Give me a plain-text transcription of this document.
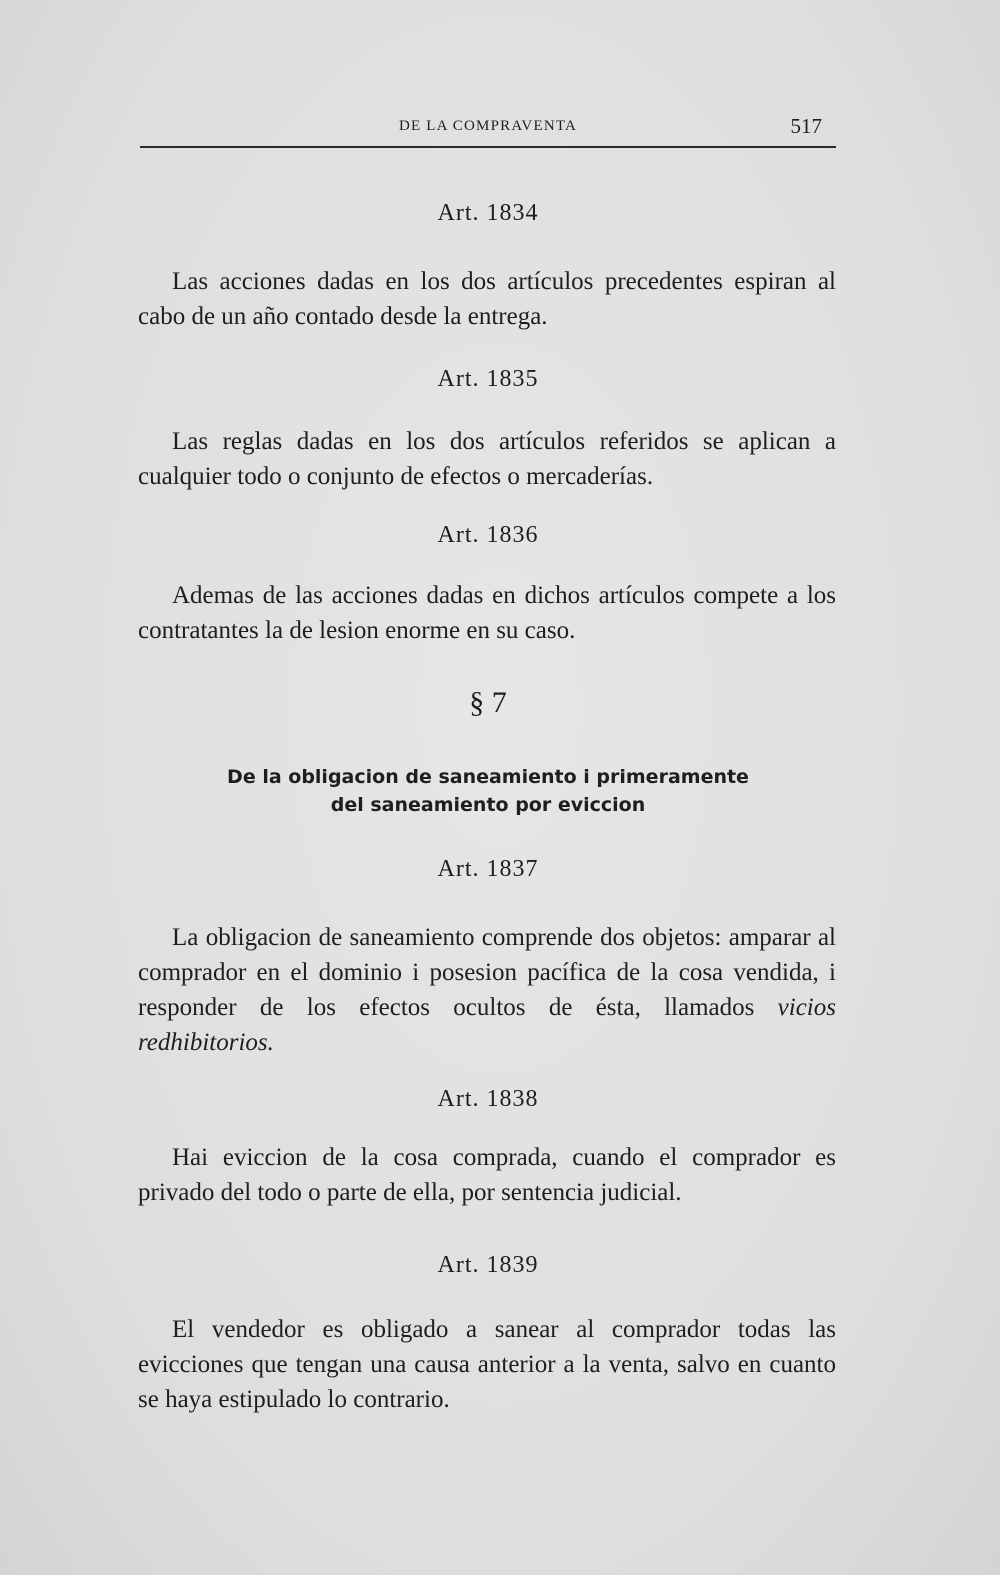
DE LA COMPRAVENTA	517
Art. 1834

Las acciones dadas en los dos artículos precedentes espiran al cabo de un año contado desde la entrega.

Art. 1835

Las reglas dadas en los dos artículos referidos se aplican a cualquier todo o conjunto de efectos o mercaderías.

Art. 1836

Ademas de las acciones dadas en dichos artículos compete a los contratantes la de lesion enorme en su caso.

§ 7
De la obligacion de saneamiento i primeramente
del saneamiento por eviccion
Art. 1837

La obligacion de saneamiento comprende dos objetos: amparar al comprador en el dominio i posesion pacífica de la cosa vendida, i responder de los efectos ocultos de ésta, llamados vicios redhibitorios.

Art. 1838

Hai eviccion de la cosa comprada, cuando el comprador es privado del todo o parte de ella, por sentencia judicial.

Art. 1839

El vendedor es obligado a sanear al comprador todas las evicciones que tengan una causa anterior a la venta, salvo en cuanto se haya estipulado lo contrario.
